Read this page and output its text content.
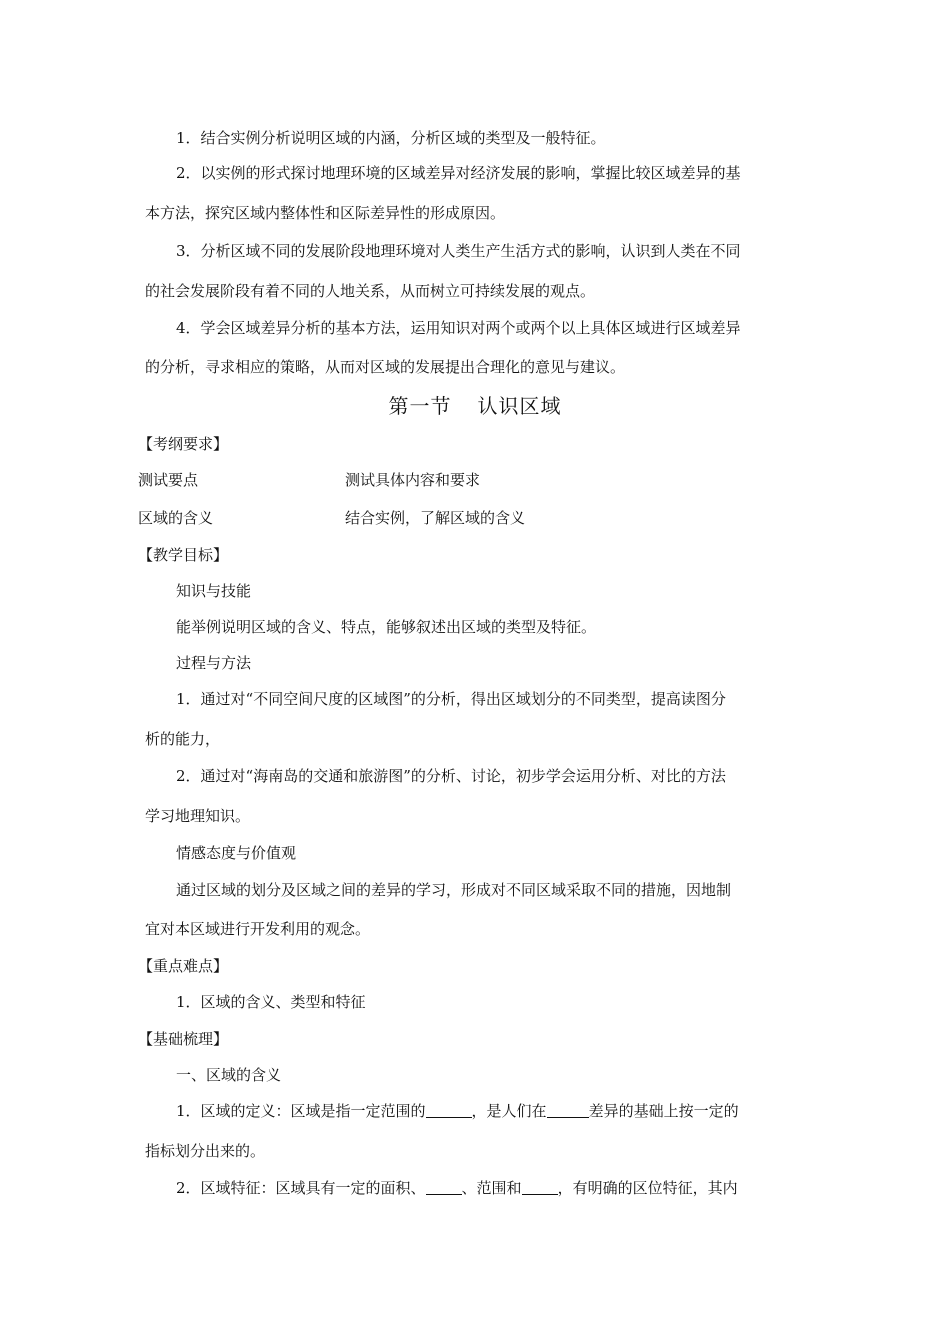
1．结合实例分析说明区域的内涵，分析区域的类型及一般特征。
2．以实例的形式探讨地理环境的区域差异对经济发展的影响，掌握比较区域差异的基
本方法，探究区域内整体性和区际差异性的形成原因。
3．分析区域不同的发展阶段地理环境对人类生产生活方式的影响，认识到人类在不同
的社会发展阶段有着不同的人地关系，从而树立可持续发展的观点。
4．学会区域差异分析的基本方法，运用知识对两个或两个以上具体区域进行区域差异
的分析，寻求相应的策略，从而对区域的发展提出合理化的意见与建议。
第一节 认识区域
【考纲要求】
测试要点	测试具体内容和要求
区域的含义	结合实例，了解区域的含义
【教学目标】
知识与技能
能举例说明区域的含义、特点，能够叙述出区域的类型及特征。
过程与方法
1．通过对“不同空间尺度的区域图”的分析，得出区域划分的不同类型，提高读图分
析的能力，
2．通过对“海南岛的交通和旅游图”的分析、讨论，初步学会运用分析、对比的方法
学习地理知识。
情感态度与价值观
通过区域的划分及区域之间的差异的学习，形成对不同区域采取不同的措施，因地制
宜对本区域进行开发利用的观念。
【重点难点】
1．区域的含义、类型和特征
【基础梳理】
一、区域的含义
1．区域的定义：区域是指一定范围的	，是人们在	差异的基础上按一定的
指标划分出来的。
2．区域特征：区域具有一定的面积、 、范围和 ，有明确的区位特征，其内
